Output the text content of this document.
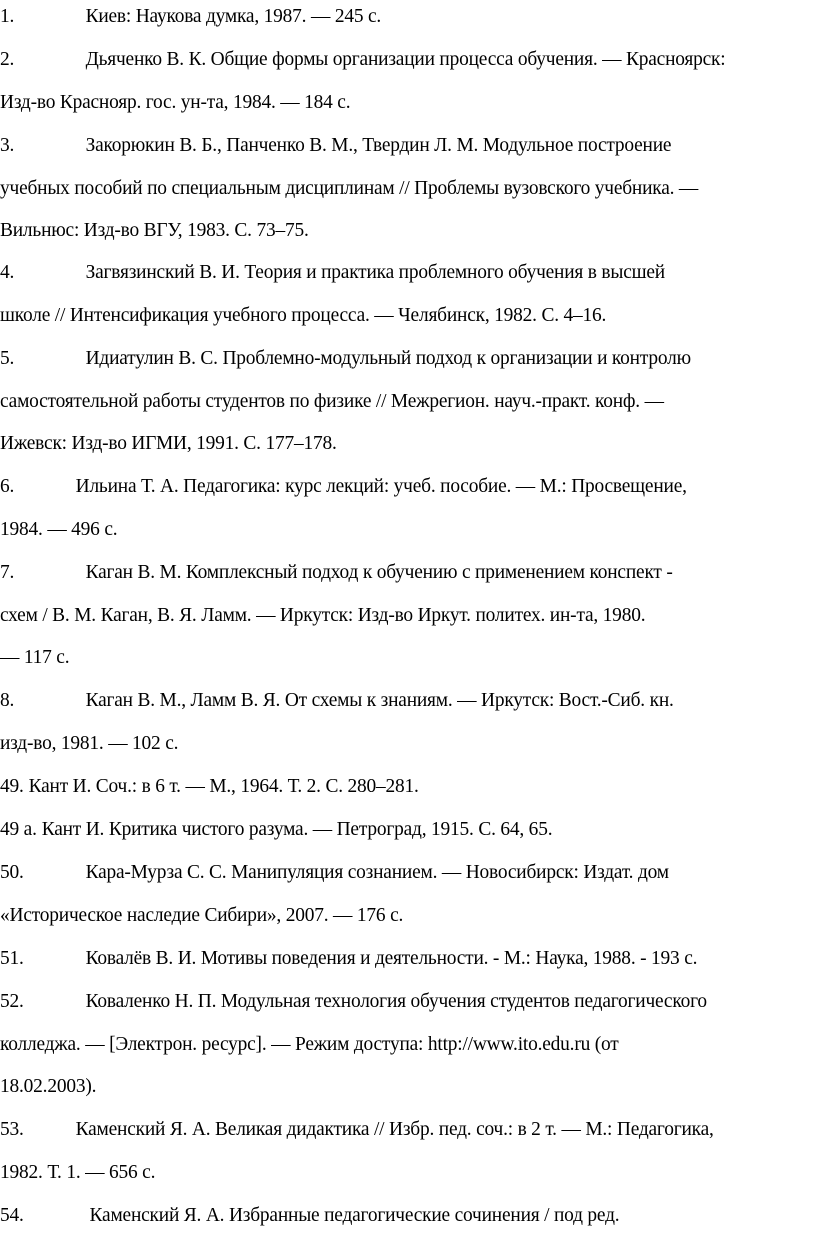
1.	Киев: Наукова думка, 1987. — 245 с.
2.	Дьяченко В. К. Общие формы организации процесса обучения. — Красноярск:
Изд-во Краснояр. гос. ун-та, 1984. — 184 с.
3.	Закорюкин В. Б., Панченко В. М., Твердин Л. М. Модульное построение
учебных пособий по специальным дисциплинам // Проблемы вузовского учебника. —
Вильнюс: Изд-во ВГУ, 1983. С. 73–75.
4.	Загвязинский В. И. Теория и практика проблемного обучения в высшей
школе // Интенсификация учебного процесса. — Челябинск, 1982. С. 4–16.
5.	Идиатулин В. С. Проблемно-модульный подход к организации и контролю
самостоятельной работы студентов по физике // Межрегион. науч.-практ. конф. —
Ижевск: Изд-во ИГМИ, 1991. С. 177–178.
6.	Ильина Т. А. Педагогика: курс лекций: учеб. пособие. — М.: Просвещение,
1984. — 496 с.
7.	Каган В. М. Комплексный подход к обучению с применением конспект -
схем / В. М. Каган, В. Я. Ламм. — Иркутск: Изд-во Иркут. политех. ин-та, 1980.
— 117 с.
8.	Каган В. М., Ламм В. Я. От схемы к знаниям. — Иркутск: Вост.-Сиб. кн.
изд-во, 1981. — 102 с.
49. Кант И. Соч.: в 6 т. — М., 1964. Т. 2. С. 280–281.
49 а. Кант И. Критика чистого разума. — Петроград, 1915. С. 64, 65.
50.	Кара-Мурза С. С. Манипуляция сознанием. — Новосибирск: Издат. дом
«Историческое наследие Сибири», 2007. — 176 с.
51.	Ковалёв В. И. Мотивы поведения и деятельности. - М.: Наука, 1988. - 193 с.
52.	Коваленко Н. П. Модульная технология обучения студентов педагогического
колледжа. — [Электрон. ресурс]. — Режим доступа: http://www.ito.edu.ru (от
18.02.2003).
53.	Каменский Я. А. Великая дидактика // Избр. пед. соч.: в 2 т. — М.: Педагогика,
1982. Т. 1. — 656 с.
54.	Каменский Я. А. Избранные педагогические сочинения / под ред.
